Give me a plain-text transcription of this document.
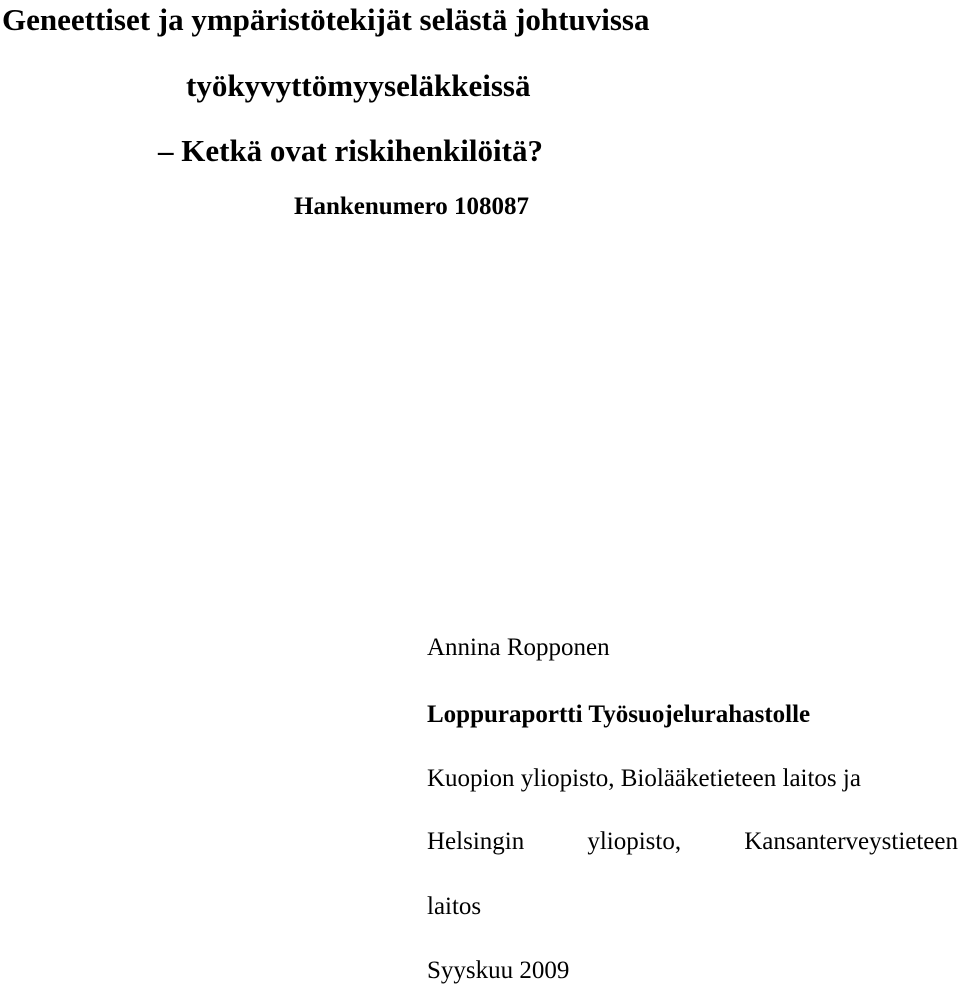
Geneettiset ja ympäristötekijät selästä johtuvissa
työkyvyttömyyseläkkeissä
– Ketkä ovat riskihenkilöitä?
Hankenumero 108087
Annina Ropponen
Loppuraportti Työsuojelurahastolle
Kuopion yliopisto, Biolääketieteen laitos ja
Helsingin	yliopisto,	Kansanterveystieteen
laitos
Syyskuu 2009
